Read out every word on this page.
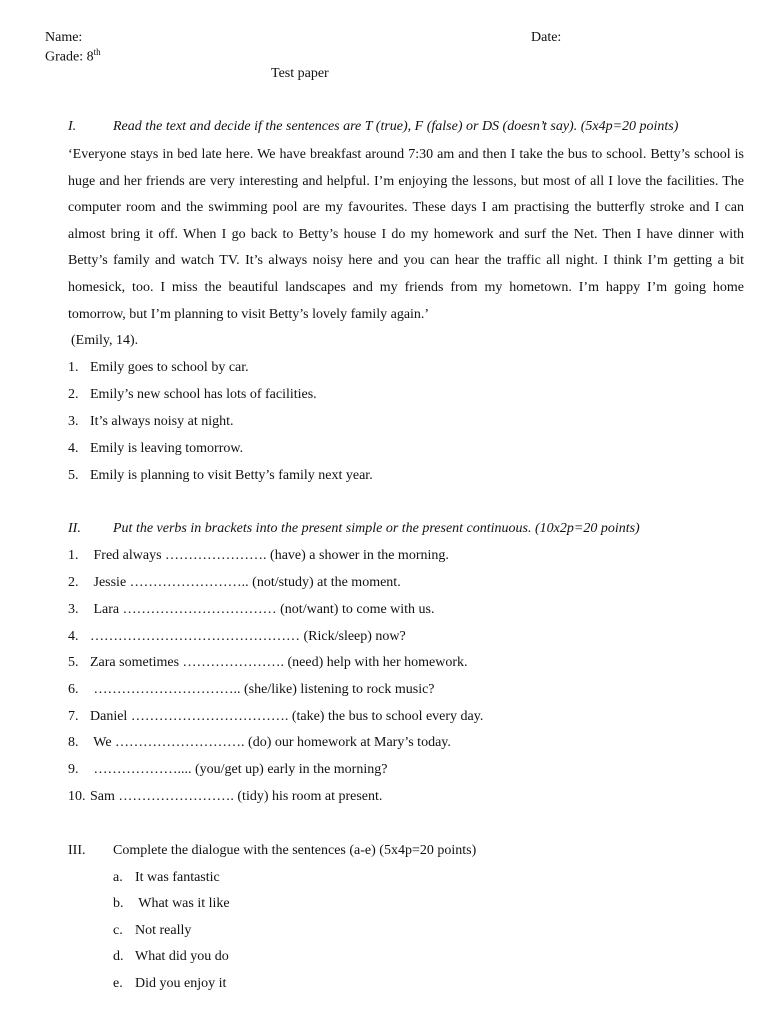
Name:	Date:
Grade: 8th
Test paper
I.	Read the text and decide if the sentences are T (true), F (false) or DS (doesn’t say). (5x4p=20 points)
‘Everyone stays in bed late here. We have breakfast around 7:30 am and then I take the bus to school. Betty’s school is huge and her friends are very interesting and helpful. I’m enjoying the lessons, but most of all I love the facilities. The computer room and the swimming pool are my favourites. These days I am practising the butterfly stroke and I can almost bring it off. When I go back to Betty’s house I do my homework and surf the Net. Then I have dinner with Betty’s family and watch TV. It’s always noisy here and you can hear the traffic all night. I think I’m getting a bit homesick, too. I miss the beautiful landscapes and my friends from my hometown. I’m happy I’m going home tomorrow, but I’m planning to visit Betty’s lovely family again.’
(Emily, 14).
1. Emily goes to school by car.
2. Emily’s new school has lots of facilities.
3. It’s always noisy at night.
4. Emily is leaving tomorrow.
5. Emily is planning to visit Betty’s family next year.
II. Put the verbs in brackets into the present simple or the present continuous. (10x2p=20 points)
1. Fred always …………………. (have) a shower in the morning.
2. Jessie …………………….. (not/study) at the moment.
3. Lara …………………………… (not/want) to come with us.
4. ……………………………………… (Rick/sleep) now?
5. Zara sometimes …………………. (need) help with her homework.
6. ………………………….. (she/like) listening to rock music?
7. Daniel ……………………………. (take) the bus to school every day.
8. We ………………………. (do) our homework at Mary’s today.
9. ……………….... (you/get up) early in the morning?
10. Sam ……………………. (tidy) his room at present.
III. Complete the dialogue with the sentences (a-e) (5x4p=20 points)
a. It was fantastic
b. What was it like
c. Not really
d. What did you do
e. Did you enjoy it
